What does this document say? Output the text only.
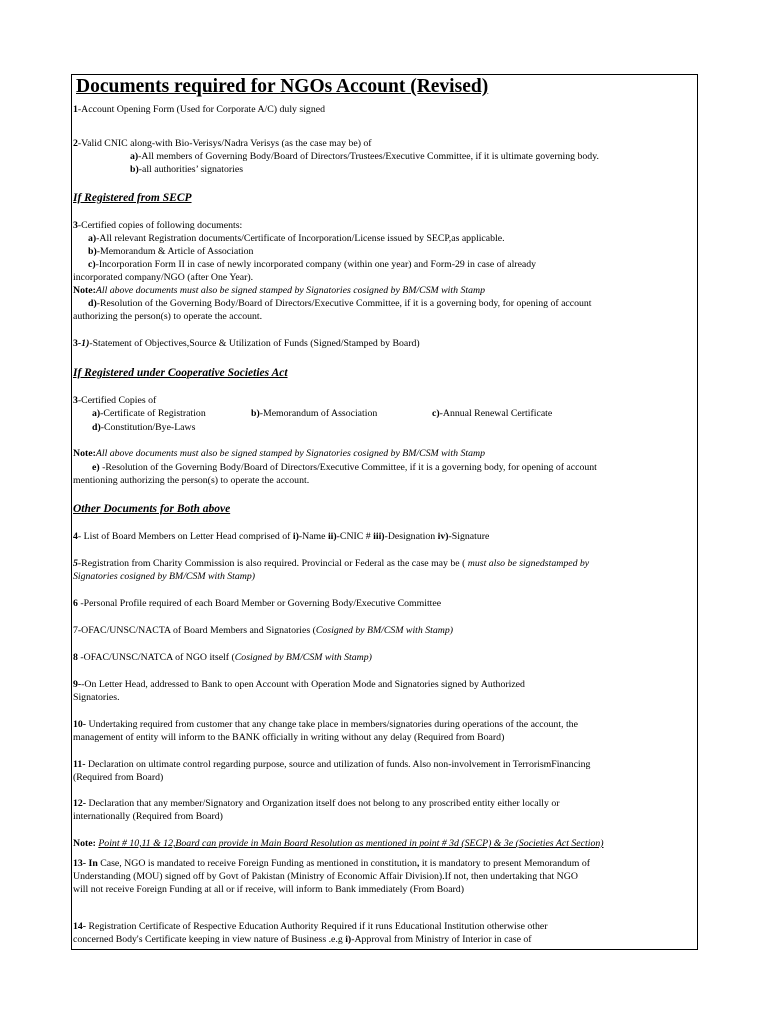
Documents required for NGOs Account (Revised)
1-Account Opening Form (Used for Corporate A/C) duly signed
2-Valid CNIC along-with Bio-Verisys/Nadra Verisys (as the case may be) of
a)-All members of Governing Body/Board of Directors/Trustees/Executive Committee, if it is ultimate governing body.
b)-all authorities’ signatories
If Registered from SECP
3-Certified copies of following documents:
a)-All relevant Registration documents/Certificate of Incorporation/License issued by SECP,as applicable.
b)-Memorandum & Article of Association
c)-Incorporation Form II in case of newly incorporated company (within one year) and Form-29 in case of already
incorporated company/NGO (after One Year).
Note:All above documents must also be signed stamped by Signatories cosigned by BM/CSM with Stamp
d)-Resolution of the Governing Body/Board of Directors/Executive Committee, if it is a governing body, for opening of account
authorizing the person(s) to operate the account.
3-1)-Statement of Objectives,Source & Utilization of Funds (Signed/Stamped by Board)
If Registered under Cooperative Societies Act
3-Certified Copies of
a)-Certificate of Registration	b)-Memorandum of Association	c)-Annual Renewal Certificate
d)-Constitution/Bye-Laws
Note:All above documents must also be signed stamped by Signatories cosigned by BM/CSM with Stamp
e) -Resolution of the Governing Body/Board of Directors/Executive Committee, if it is a governing body, for opening of account
mentioning authorizing the person(s) to operate the account.
Other Documents for Both above
4- List of Board Members on Letter Head comprised of i)-Name ii)-CNIC # iii)-Designation iv)-Signature
5-Registration from Charity Commission is also required. Provincial or Federal as the case may be ( must also be signedstamped by
Signatories cosigned by BM/CSM with Stamp)
6 -Personal Profile required of each Board Member or Governing Body/Executive Committee
7-OFAC/UNSC/NACTA of Board Members and Signatories (Cosigned by BM/CSM with Stamp)
8 -OFAC/UNSC/NATCA of NGO itself (Cosigned by BM/CSM with Stamp)
9--On Letter Head, addressed to Bank to open Account with Operation Mode and Signatories signed by Authorized
Signatories.
10- Undertaking required from customer that any change take place in members/signatories during operations of the account, the
management of entity will inform to the BANK officially in writing without any delay (Required from Board)
11- Declaration on ultimate control regarding purpose, source and utilization of funds. Also non-involvement in TerrorismFinancing
(Required from Board)
12- Declaration that any member/Signatory and Organization itself does not belong to any proscribed entity either locally or
internationally (Required from Board)
Note: Point # 10,11 & 12,Board can provide in Main Board Resolution as mentioned in point # 3d (SECP) & 3e (Societies Act Section)
13- In Case, NGO is mandated to receive Foreign Funding as mentioned in constitution, it is mandatory to present Memorandum of
Understanding (MOU) signed off by Govt of Pakistan (Ministry of Economic Affair Division).If not, then undertaking that NGO
will not receive Foreign Funding at all or if receive, will inform to Bank immediately (From Board)
14- Registration Certificate of Respective Education Authority Required if it runs Educational Institution otherwise other
concerned Body's Certificate keeping in view nature of Business .e.g i)-Approval from Ministry of Interior in case of
